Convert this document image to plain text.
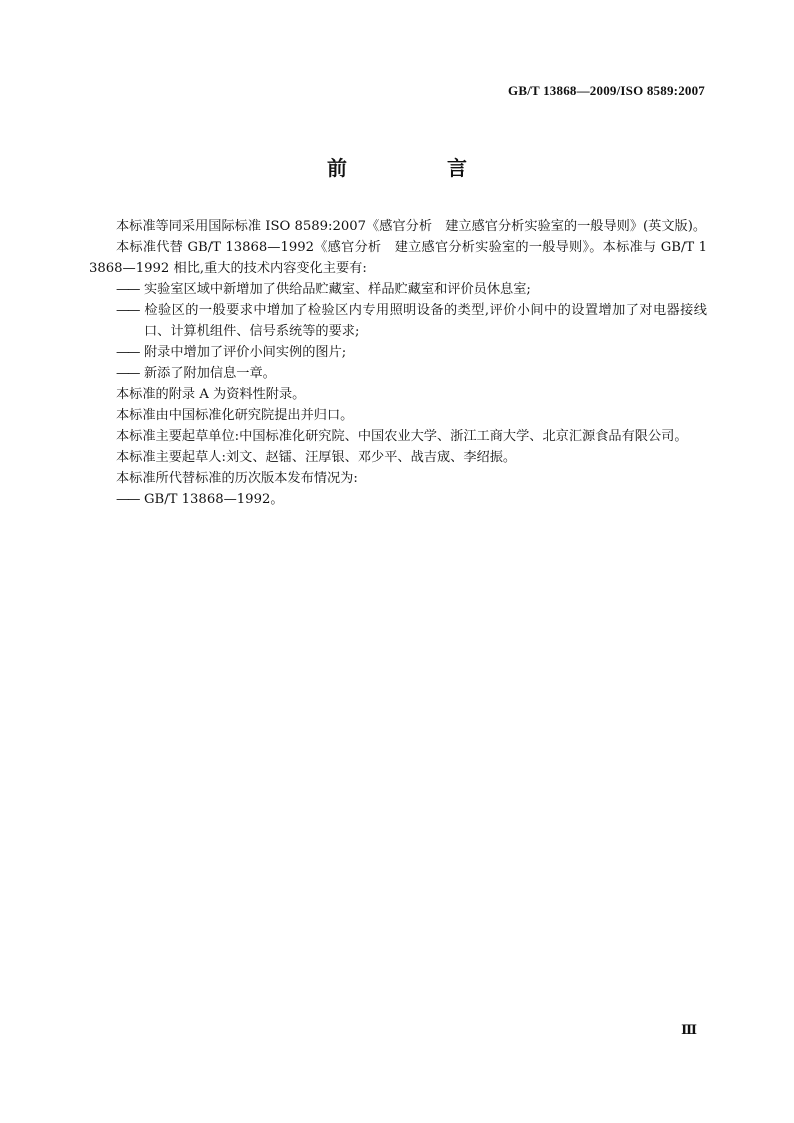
GB/T 13868—2009/ISO 8589:2007
前　言

本标准等同采用国际标准 ISO 8589:2007《感官分析　建立感官分析实验室的一般导则》(英文版)。

本标准代替 GB/T 13868—1992《感官分析　建立感官分析实验室的一般导则》。本标准与 GB/T 13868—1992 相比,重大的技术内容变化主要有:

—— 实验室区域中新增加了供给品贮藏室、样品贮藏室和评价员休息室;

—— 检验区的一般要求中增加了检验区内专用照明设备的类型,评价小间中的设置增加了对电器接线口、计算机组件、信号系统等的要求;

—— 附录中增加了评价小间实例的图片;

—— 新添了附加信息一章。

本标准的附录 A 为资料性附录。

本标准由中国标准化研究院提出并归口。

本标准主要起草单位:中国标准化研究院、中国农业大学、浙江工商大学、北京汇源食品有限公司。

本标准主要起草人:刘文、赵镭、汪厚银、邓少平、战吉宬、李绍振。

本标准所代替标准的历次版本发布情况为:

—— GB/T 13868—1992。

Ⅲ
